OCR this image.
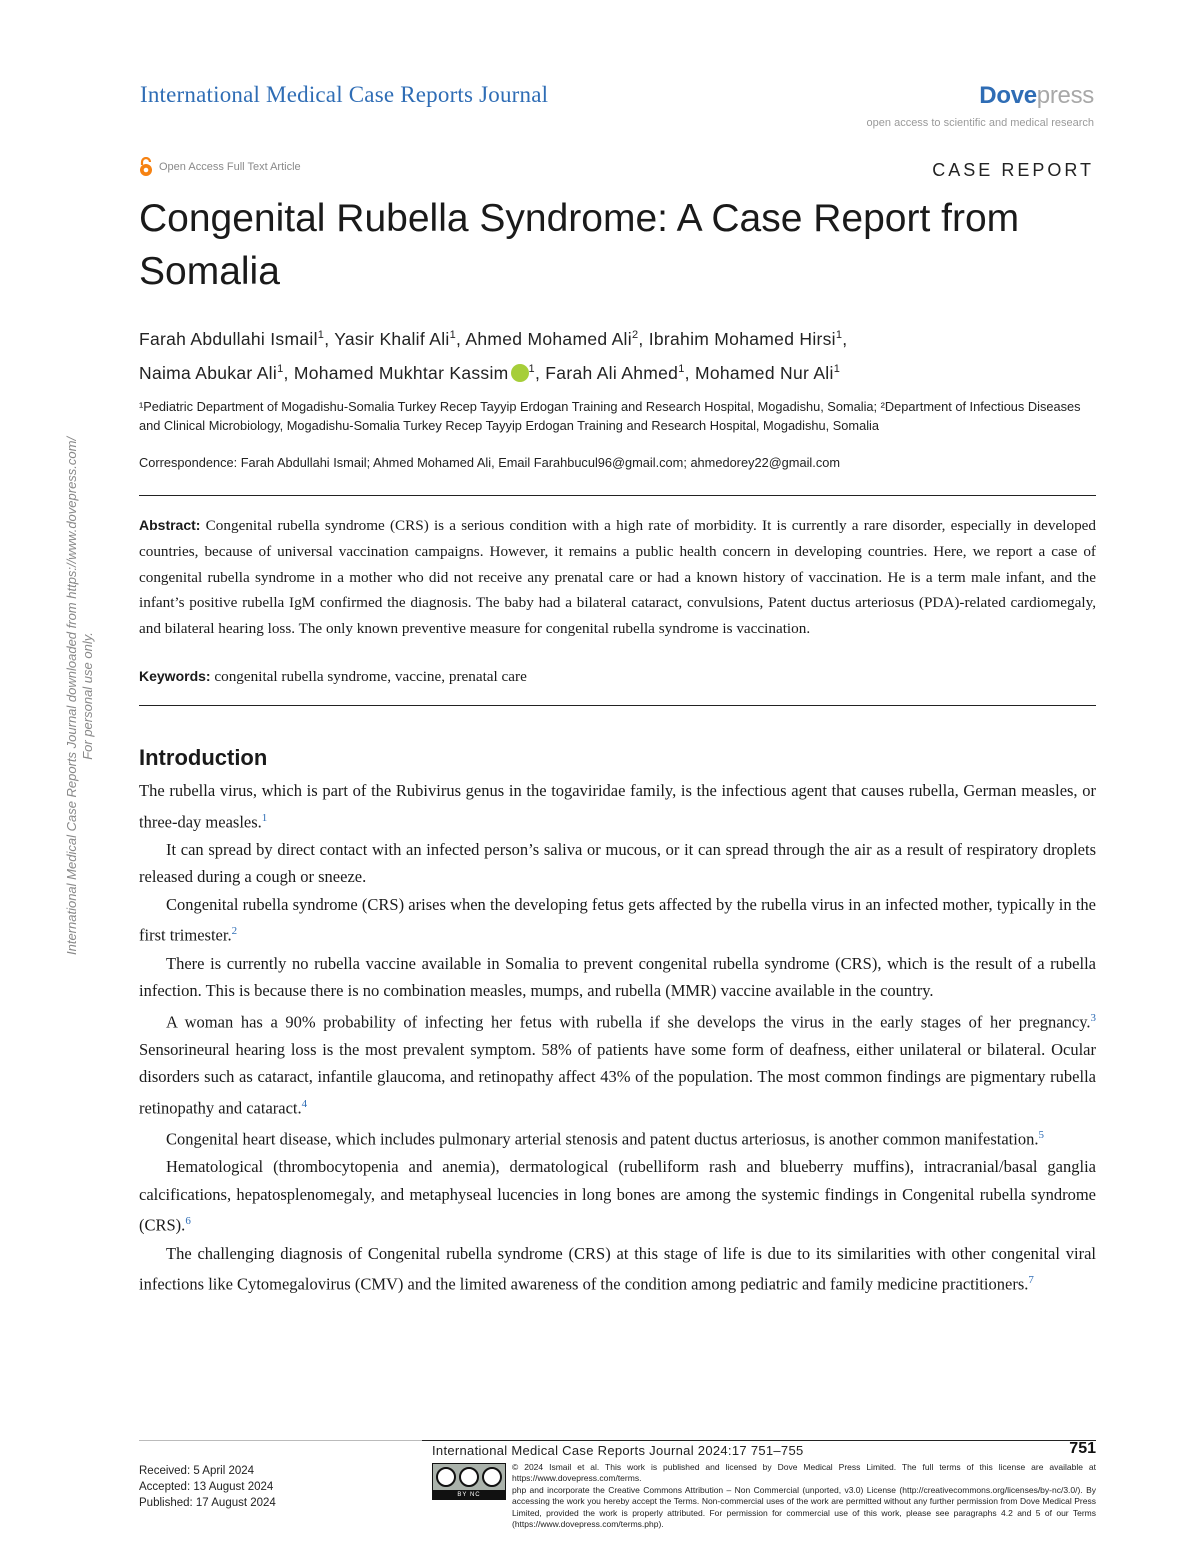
International Medical Case Reports Journal	Dovepress
open access to scientific and medical research
Open Access Full Text Article	CASE REPORT
Congenital Rubella Syndrome: A Case Report from Somalia
Farah Abdullahi Ismail$^1$, Yasir Khalif Ali$^1$, Ahmed Mohamed Ali$^2$, Ibrahim Mohamed Hirsi$^1$,
Naima Abukar Ali$^1$, Mohamed Mukhtar Kassim $^1$, Farah Ali Ahmed$^1$, Mohamed Nur Ali$^1$
¹Pediatric Department of Mogadishu-Somalia Turkey Recep Tayyip Erdogan Training and Research Hospital, Mogadishu, Somalia; ²Department of Infectious Diseases and Clinical Microbiology, Mogadishu-Somalia Turkey Recep Tayyip Erdogan Training and Research Hospital, Mogadishu, Somalia
Correspondence: Farah Abdullahi Ismail; Ahmed Mohamed Ali, Email Farahbucul96@gmail.com; ahmedorey22@gmail.com
Abstract: Congenital rubella syndrome (CRS) is a serious condition with a high rate of morbidity. It is currently a rare disorder, especially in developed countries, because of universal vaccination campaigns. However, it remains a public health concern in developing countries. Here, we report a case of congenital rubella syndrome in a mother who did not receive any prenatal care or had a known history of vaccination. He is a term male infant, and the infant’s positive rubella IgM confirmed the diagnosis. The baby had a bilateral cataract, convulsions, Patent ductus arteriosus (PDA)-related cardiomegaly, and bilateral hearing loss. The only known preventive measure for congenital rubella syndrome is vaccination.
Keywords: congenital rubella syndrome, vaccine, prenatal care
Introduction

The rubella virus, which is part of the Rubivirus genus in the togaviridae family, is the infectious agent that causes rubella, German measles, or three-day measles.$^1$

It can spread by direct contact with an infected person’s saliva or mucous, or it can spread through the air as a result of respiratory droplets released during a cough or sneeze.

Congenital rubella syndrome (CRS) arises when the developing fetus gets affected by the rubella virus in an infected mother, typically in the first trimester.$^2$

There is currently no rubella vaccine available in Somalia to prevent congenital rubella syndrome (CRS), which is the result of a rubella infection. This is because there is no combination measles, mumps, and rubella (MMR) vaccine available in the country.

A woman has a 90% probability of infecting her fetus with rubella if she develops the virus in the early stages of her pregnancy.$^3$ Sensorineural hearing loss is the most prevalent symptom. 58% of patients have some form of deafness, either unilateral or bilateral. Ocular disorders such as cataract, infantile glaucoma, and retinopathy affect 43% of the population. The most common findings are pigmentary rubella retinopathy and cataract.$^4$

Congenital heart disease, which includes pulmonary arterial stenosis and patent ductus arteriosus, is another common manifestation.$^5$

Hematological (thrombocytopenia and anemia), dermatological (rubelliform rash and blueberry muffins), intracranial/basal ganglia calcifications, hepatosplenomegaly, and metaphyseal lucencies in long bones are among the systemic findings in Congenital rubella syndrome (CRS).$^6$

The challenging diagnosis of Congenital rubella syndrome (CRS) at this stage of life is due to its similarities with other congenital viral infections like Cytomegalovirus (CMV) and the limited awareness of the condition among pediatric and family medicine practitioners.$^7$

International Medical Case Reports Journal downloaded from https://www.dovepress.com/ For personal use only.
International Medical Case Reports Journal 2024:17 751–755	751
Received: 5 April 2024
Accepted: 13 August 2024
Published: 17 August 2024
BY NC
© 2024 Ismail et al. This work is published and licensed by Dove Medical Press Limited. The full terms of this license are available at https://www.dovepress.com/terms.
php and incorporate the Creative Commons Attribution – Non Commercial (unported, v3.0) License (http://creativecommons.org/licenses/by-nc/3.0/). By accessing the work you hereby accept the Terms. Non-commercial uses of the work are permitted without any further permission from Dove Medical Press Limited, provided the work is properly attributed. For permission for commercial use of this work, please see paragraphs 4.2 and 5 of our Terms (https://www.dovepress.com/terms.php).
